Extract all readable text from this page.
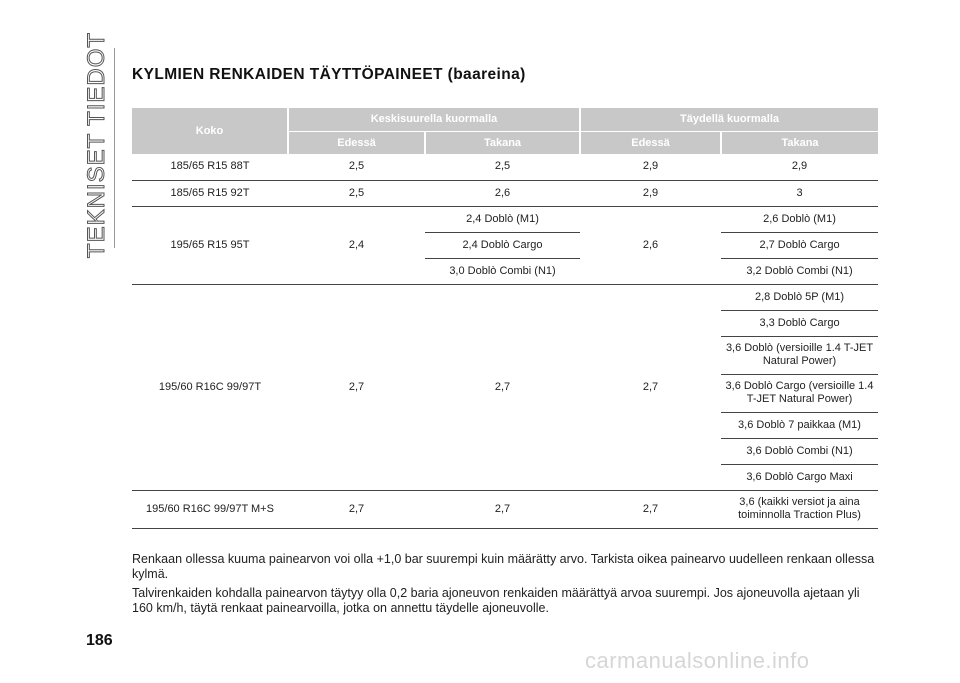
TEKNISET TIEDOT KYLMIEN RENKAIDEN TÄYTTÖPAINEET (baareina)
Koko	Keskisuurella kuormalla		Täydellä kuormalla	
	Edessä	Takana	Edessä	Takana
185/65 R15 88T	2,5	2,5	2,9	2,9
185/65 R15 92T	2,5	2,6	2,9	3
195/65 R15 95T	2,4	2,4 Doblò (M1)	2,6	2,6 Doblò (M1)
		2,4 Doblò Cargo		2,7 Doblò Cargo
		3,0 Doblò Combi (N1)		3,2 Doblò Combi (N1)
195/60 R16C 99/97T	2,7	2,7	2,7	2,8 Doblò 5P (M1)
				3,3 Doblò Cargo
				3,6 Doblò (versioille 1.4 T-JET Natural Power)
				3,6 Doblò Cargo (versioille 1.4 T-JET Natural Power)
				3,6 Doblò 7 paikkaa (M1)
				3,6 Doblò Combi (N1)
				3,6 Doblò Cargo Maxi
195/60 R16C 99/97T M+S	2,7	2,7	2,7	3,6 (kaikki versiot ja aina toiminnolla Traction Plus)

Renkaan ollessa kuuma painearvon voi olla +1,0 bar suurempi kuin määrätty arvo. Tarkista oikea painearvo uudelleen renkaan ollessa kylmä.

Talvirenkaiden kohdalla painearvon täytyy olla 0,2 baria ajoneuvon renkaiden määrättyä arvoa suurempi. Jos ajoneuvolla ajetaan yli 160 km/h, täytä renkaat painearvoilla, jotka on annettu täydelle ajoneuvolle.

186
carmanualsonline.info
